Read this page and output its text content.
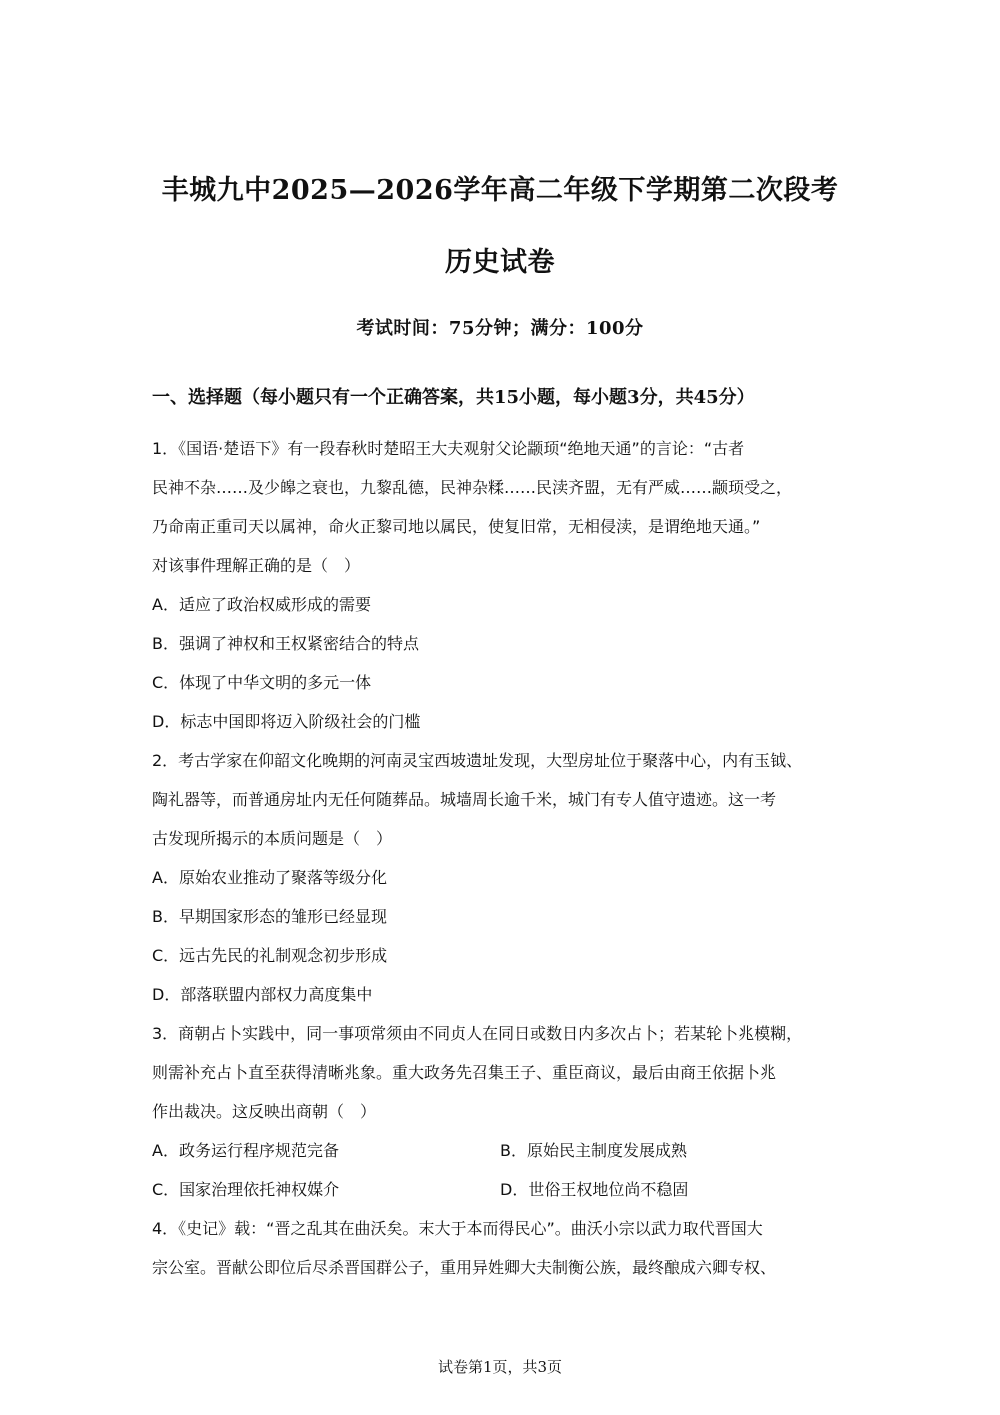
丰城九中2025—2026学年高二年级下学期第二次段考
历史试卷
考试时间：75分钟；满分：100分
一、选择题（每小题只有一个正确答案，共15小题，每小题3分，共45分）
1．《国语·楚语下》有一段春秋时楚昭王大夫观射父论颛顼“绝地天通”的言论：“古者
民神不杂……及少皞之衰也，九黎乱德，民神杂糅……民渎齐盟，无有严威……颛顼受之，
乃命南正重司天以属神，命火正黎司地以属民，使复旧常，无相侵渎，是谓绝地天通。”
对该事件理解正确的是（　）
A．适应了政治权威形成的需要
B．强调了神权和王权紧密结合的特点
C．体现了中华文明的多元一体
D．标志中国即将迈入阶级社会的门槛
2．考古学家在仰韶文化晚期的河南灵宝西坡遗址发现，大型房址位于聚落中心，内有玉钺、
陶礼器等，而普通房址内无任何随葬品。城墙周长逾千米，城门有专人值守遗迹。这一考
古发现所揭示的本质问题是（　）
A．原始农业推动了聚落等级分化
B．早期国家形态的雏形已经显现
C．远古先民的礼制观念初步形成
D．部落联盟内部权力高度集中
3．商朝占卜实践中，同一事项常须由不同贞人在同日或数日内多次占卜；若某轮卜兆模糊，
则需补充占卜直至获得清晰兆象。重大政务先召集王子、重臣商议，最后由商王依据卜兆
作出裁决。这反映出商朝（　）
A．政务运行程序规范完备	B．原始民主制度发展成熟
C．国家治理依托神权媒介	D．世俗王权地位尚不稳固
4．《史记》载：“晋之乱其在曲沃矣。末大于本而得民心”。曲沃小宗以武力取代晋国大
宗公室。晋献公即位后尽杀晋国群公子，重用异姓卿大夫制衡公族，最终酿成六卿专权、
试卷第1页，共3页
